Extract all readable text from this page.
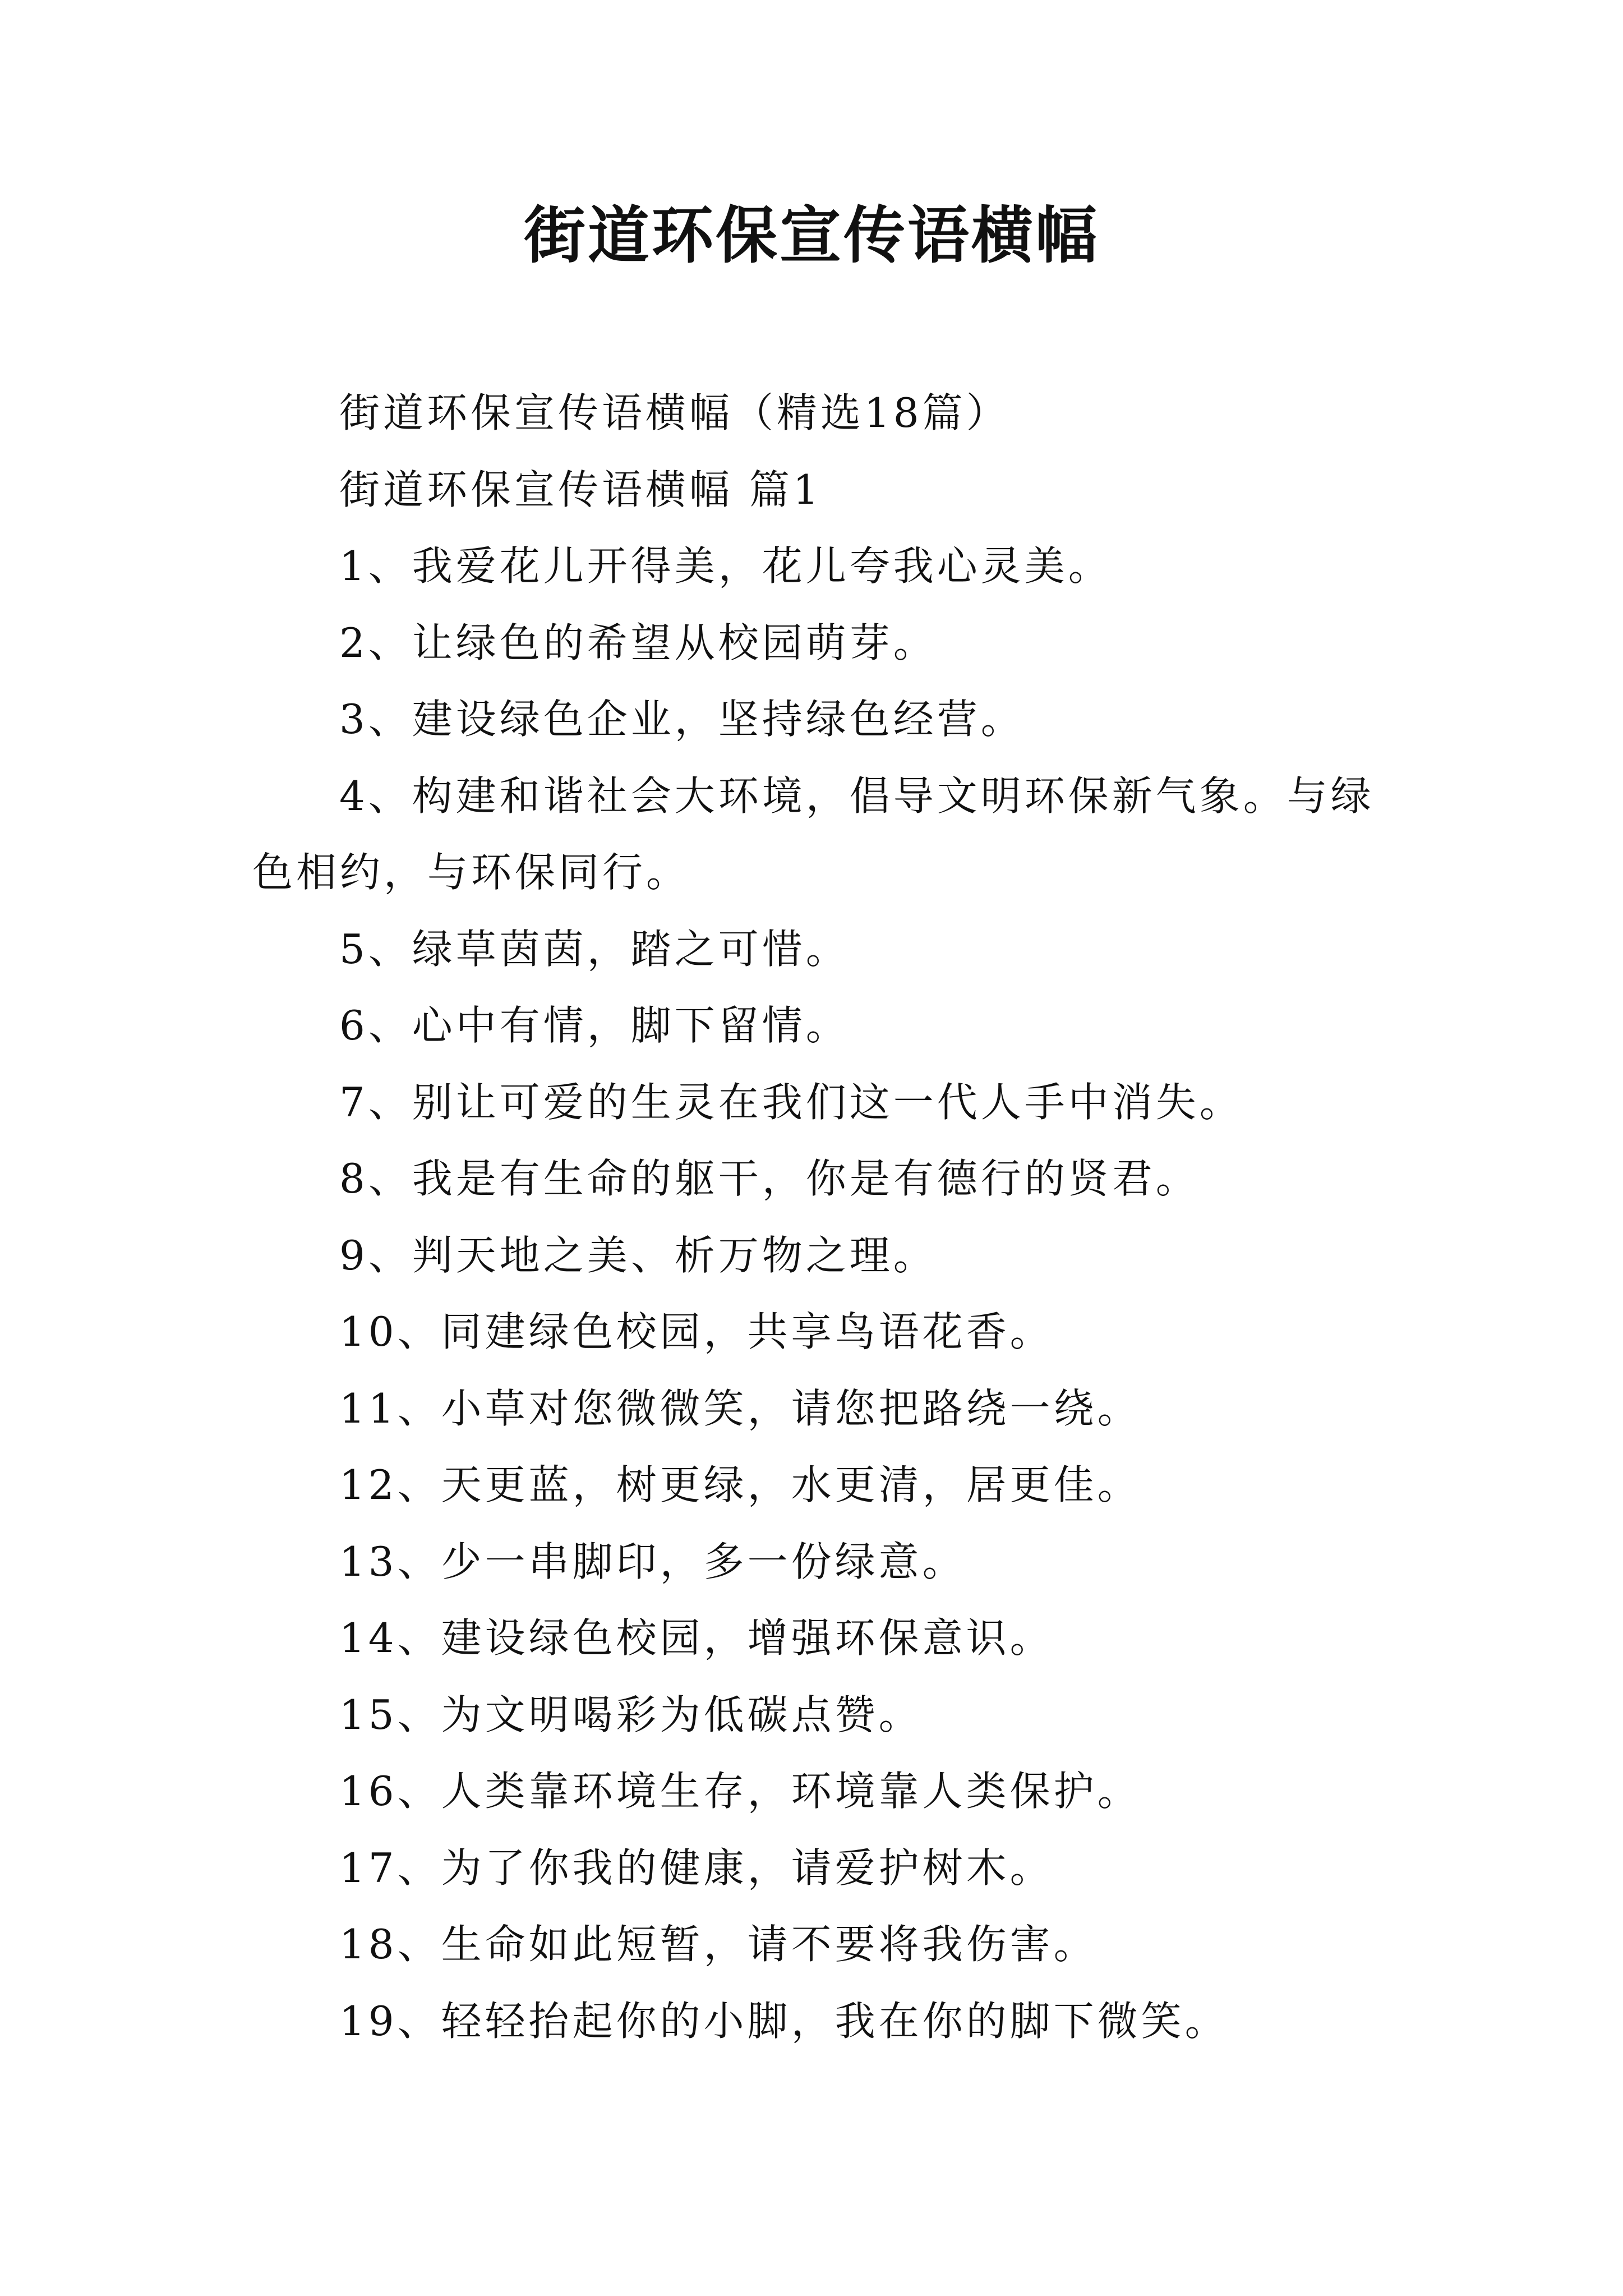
街道环保宣传语横幅

街道环保宣传语横幅（精选18篇）

街道环保宣传语横幅 篇1

1、我爱花儿开得美，花儿夸我心灵美。

2、让绿色的希望从校园萌芽。

3、建设绿色企业，坚持绿色经营。

4、构建和谐社会大环境，倡导文明环保新气象。与绿色相约，与环保同行。

5、绿草茵茵，踏之可惜。

6、心中有情，脚下留情。

7、别让可爱的生灵在我们这一代人手中消失。

8、我是有生命的躯干，你是有德行的贤君。

9、判天地之美、析万物之理。

10、同建绿色校园，共享鸟语花香。

11、小草对您微微笑，请您把路绕一绕。

12、天更蓝，树更绿，水更清，居更佳。

13、少一串脚印，多一份绿意。

14、建设绿色校园，增强环保意识。

15、为文明喝彩为低碳点赞。

16、人类靠环境生存，环境靠人类保护。

17、为了你我的健康，请爱护树木。

18、生命如此短暂，请不要将我伤害。

19、轻轻抬起你的小脚，我在你的脚下微笑。
